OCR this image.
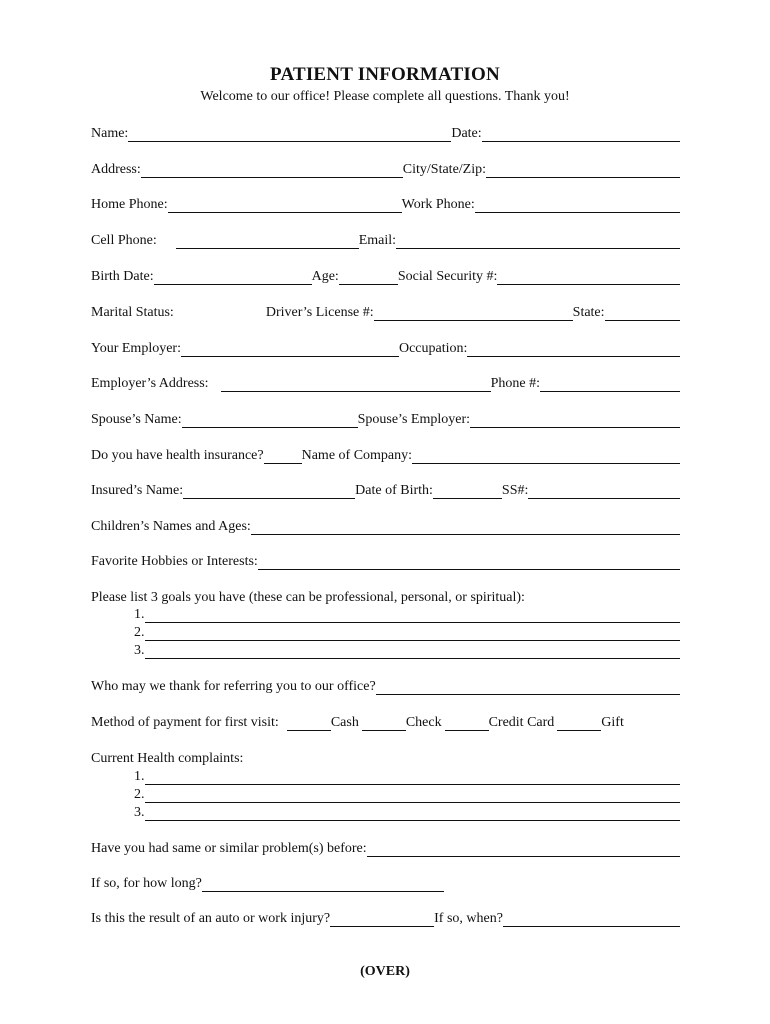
PATIENT INFORMATION
Welcome to our office! Please complete all questions. Thank you!
Name:	Date:
Address:	City/State/Zip:
Home Phone:	Work Phone:
Cell Phone:	Email:
Birth Date:	Age:	Social Security #:
Marital Status:	Driver’s License #:	State:
Your Employer:	Occupation:
Employer’s Address:	Phone #:
Spouse’s Name:	Spouse’s Employer:
Do you have health insurance?	Name of Company:
Insured’s Name:	Date of Birth:	SS#:
Children’s Names and Ages:
Favorite Hobbies or Interests:
Please list 3 goals you have (these can be professional, personal, or spiritual):
1.
2.
3.
Who may we thank for referring you to our office?
Method of payment for first visit:	Cash	Check	Credit Card	Gift
Current Health complaints:
1.
2.
3.
Have you had same or similar problem(s) before:
If so, for how long?
Is this the result of an auto or work injury?	If so, when?
(OVER)
